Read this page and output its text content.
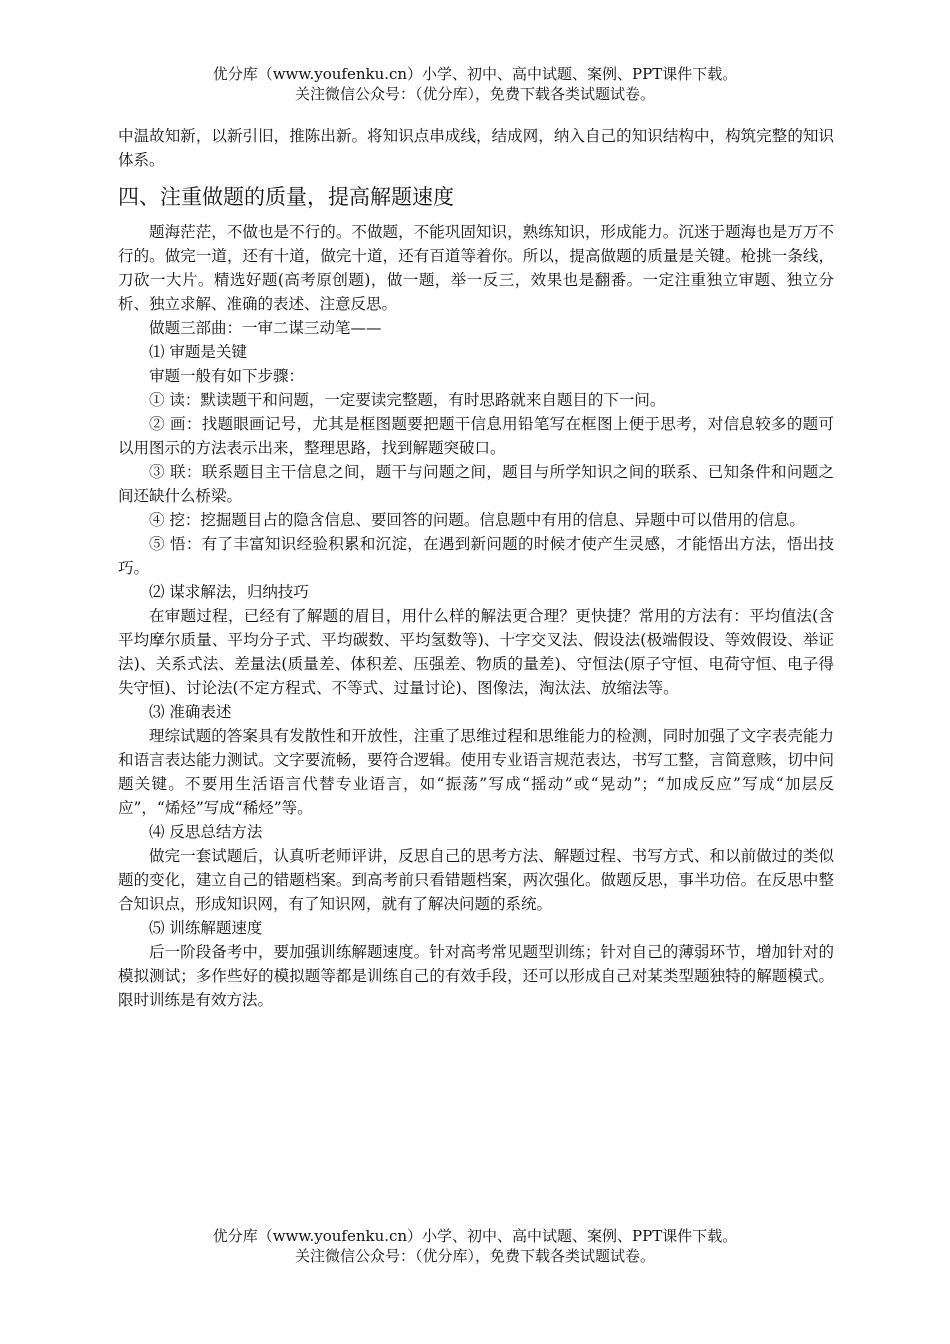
优分库（www.youfenku.cn）小学、初中、高中试题、案例、PPT课件下载。
关注微信公众号：（优分库），免费下载各类试题试卷。

中温故知新，以新引旧，推陈出新。将知识点串成线，结成网，纳入自己的知识结构中，构筑完整的知识体系。

四、注重做题的质量，提高解题速度

题海茫茫，不做也是不行的。不做题，不能巩固知识，熟练知识，形成能力。沉迷于题海也是万万不行的。做完一道，还有十道，做完十道，还有百道等着你。所以，提高做题的质量是关键。枪挑一条线，刀砍一大片。精选好题(高考原创题)，做一题，举一反三，效果也是翻番。一定注重独立审题、独立分析、独立求解、准确的表述、注意反思。

做题三部曲：一审二谋三动笔——

⑴ 审题是关键

审题一般有如下步骤：

① 读：默读题干和问题，一定要读完整题，有时思路就来自题目的下一问。

② 画：找题眼画记号，尤其是框图题要把题干信息用铅笔写在框图上便于思考，对信息较多的题可以用图示的方法表示出来，整理思路，找到解题突破口。

③ 联：联系题目主干信息之间，题干与问题之间，题目与所学知识之间的联系、已知条件和问题之间还缺什么桥梁。

④ 挖：挖掘题目占的隐含信息、要回答的问题。信息题中有用的信息、异题中可以借用的信息。

⑤ 悟：有了丰富知识经验积累和沉淀，在遇到新问题的时候才使产生灵感，才能悟出方法，悟出技巧。

⑵ 谋求解法，归纳技巧

在审题过程，已经有了解题的眉目，用什么样的解法更合理？更快捷？常用的方法有：平均值法(含平均摩尔质量、平均分子式、平均碳数、平均氢数等)、十字交叉法、假设法(极端假设、等效假设、举证法)、关系式法、差量法(质量差、体积差、压强差、物质的量差)、守恒法(原子守恒、电荷守恒、电子得失守恒)、讨论法(不定方程式、不等式、过量讨论)、图像法，淘汰法、放缩法等。

⑶ 准确表述

理综试题的答案具有发散性和开放性，注重了思维过程和思维能力的检测，同时加强了文字表壳能力和语言表达能力测试。文字要流畅，要符合逻辑。使用专业语言规范表达，书写工整，言简意赅，切中问题关键。不要用生活语言代替专业语言，如“振荡”写成“摇动”或“晃动”；“加成反应”写成“加层反应”，“烯烃”写成“稀烃”等。

⑷ 反思总结方法

做完一套试题后，认真听老师评讲，反思自己的思考方法、解题过程、书写方式、和以前做过的类似题的变化，建立自己的错题档案。到高考前只看错题档案，两次强化。做题反思，事半功倍。在反思中整合知识点，形成知识网，有了知识网，就有了解决问题的系统。

⑸ 训练解题速度

后一阶段备考中，要加强训练解题速度。针对高考常见题型训练；针对自己的薄弱环节，增加针对的模拟测试；多作些好的模拟题等都是训练自己的有效手段，还可以形成自己对某类型题独特的解题模式。限时训练是有效方法。

优分库（www.youfenku.cn）小学、初中、高中试题、案例、PPT课件下载。
关注微信公众号：（优分库），免费下载各类试题试卷。
